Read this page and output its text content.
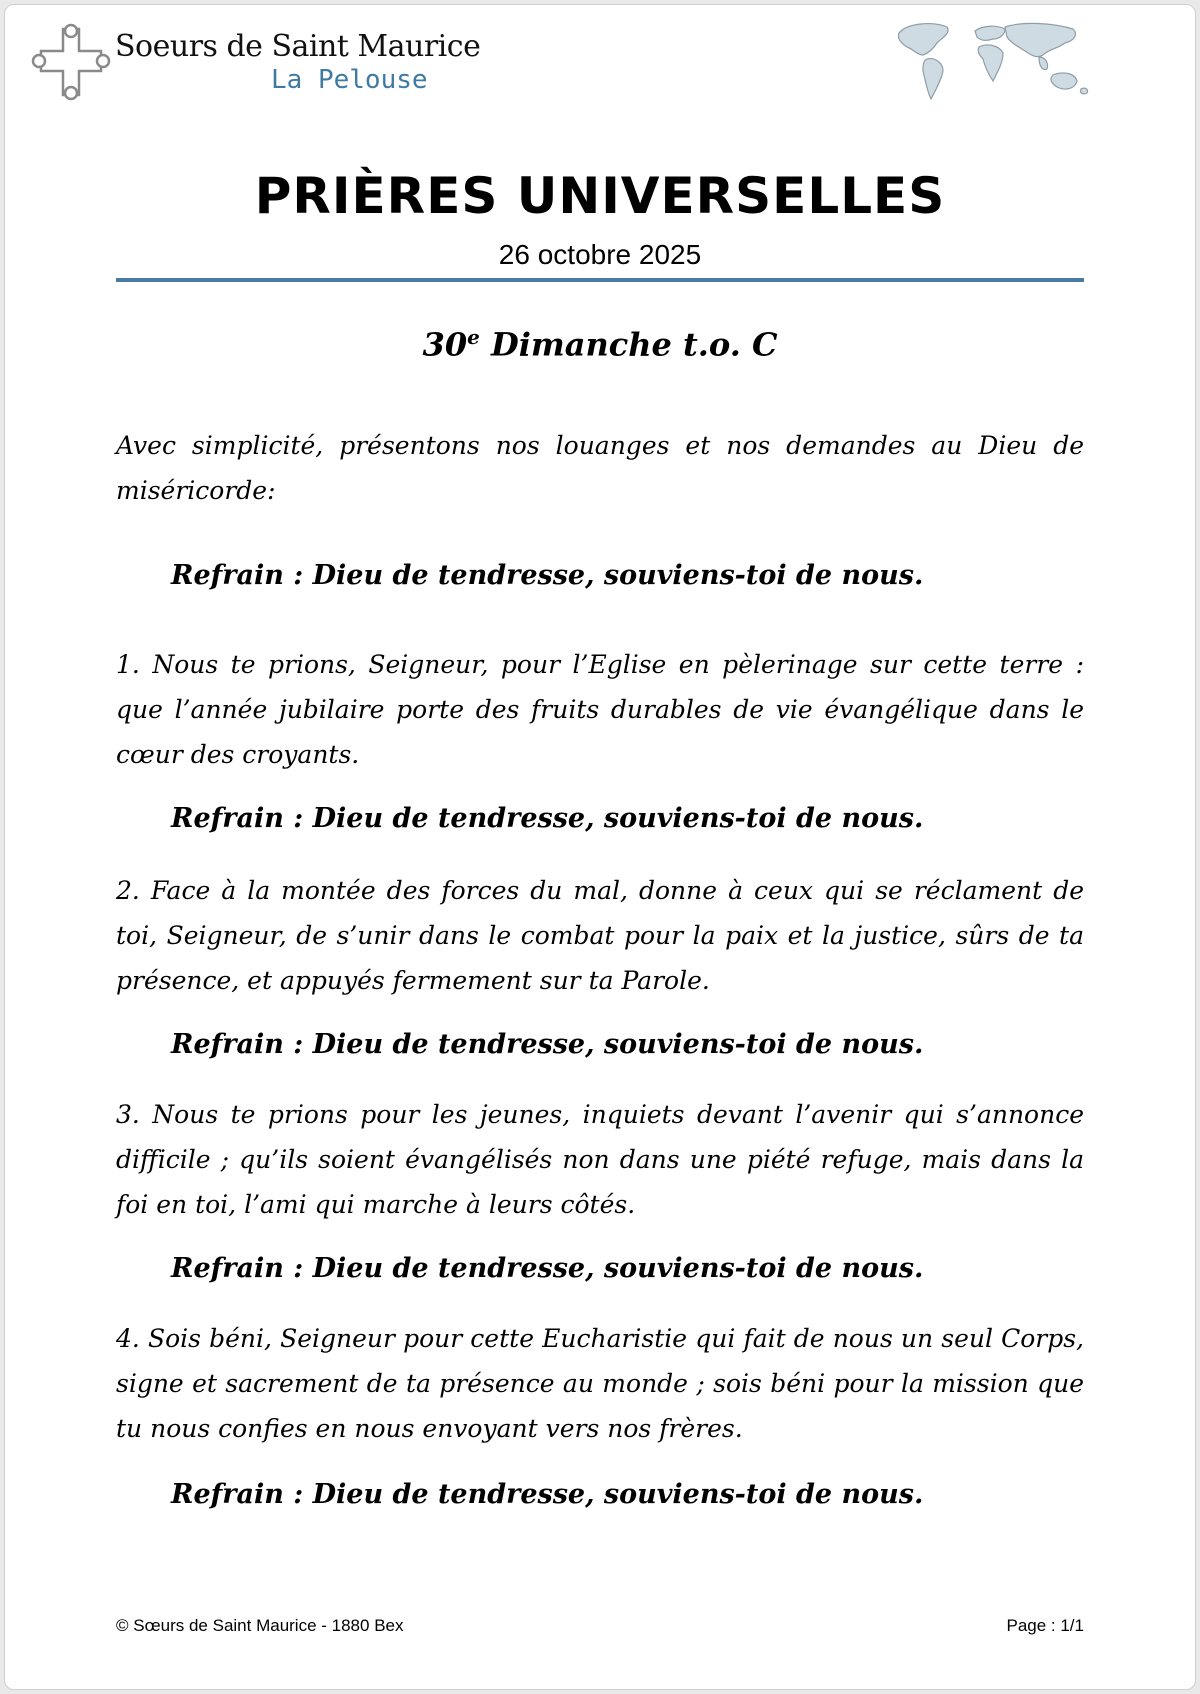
Soeurs de Saint Maurice
La Pelouse
PRIÈRES UNIVERSELLES
26 octobre 2025
30e Dimanche t.o. C
Avec simplicité, présentons nos louanges et nos demandes au Dieu de miséricorde:
Refrain : Dieu de tendresse, souviens-toi de nous.
1. Nous te prions, Seigneur, pour l’Eglise en pèlerinage sur cette terre : que l’année jubilaire porte des fruits durables de vie évangélique dans le cœur des croyants.
Refrain : Dieu de tendresse, souviens-toi de nous.
2. Face à la montée des forces du mal, donne à ceux qui se réclament de toi, Seigneur, de s’unir dans le combat pour la paix et la justice, sûrs de ta présence, et appuyés fermement sur ta Parole.
Refrain : Dieu de tendresse, souviens-toi de nous.
3. Nous te prions pour les jeunes, inquiets devant l’avenir qui s’annonce difficile ; qu’ils soient évangélisés non dans une piété refuge, mais dans la foi en toi, l’ami qui marche à leurs côtés.
Refrain : Dieu de tendresse, souviens-toi de nous.
4. Sois béni, Seigneur pour cette Eucharistie qui fait de nous un seul Corps, signe et sacrement de ta présence au monde ; sois béni pour la mission que tu nous confies en nous envoyant vers nos frères.
Refrain : Dieu de tendresse, souviens-toi de nous.
© Sœurs de Saint Maurice - 1880 Bex	Page : 1/1
